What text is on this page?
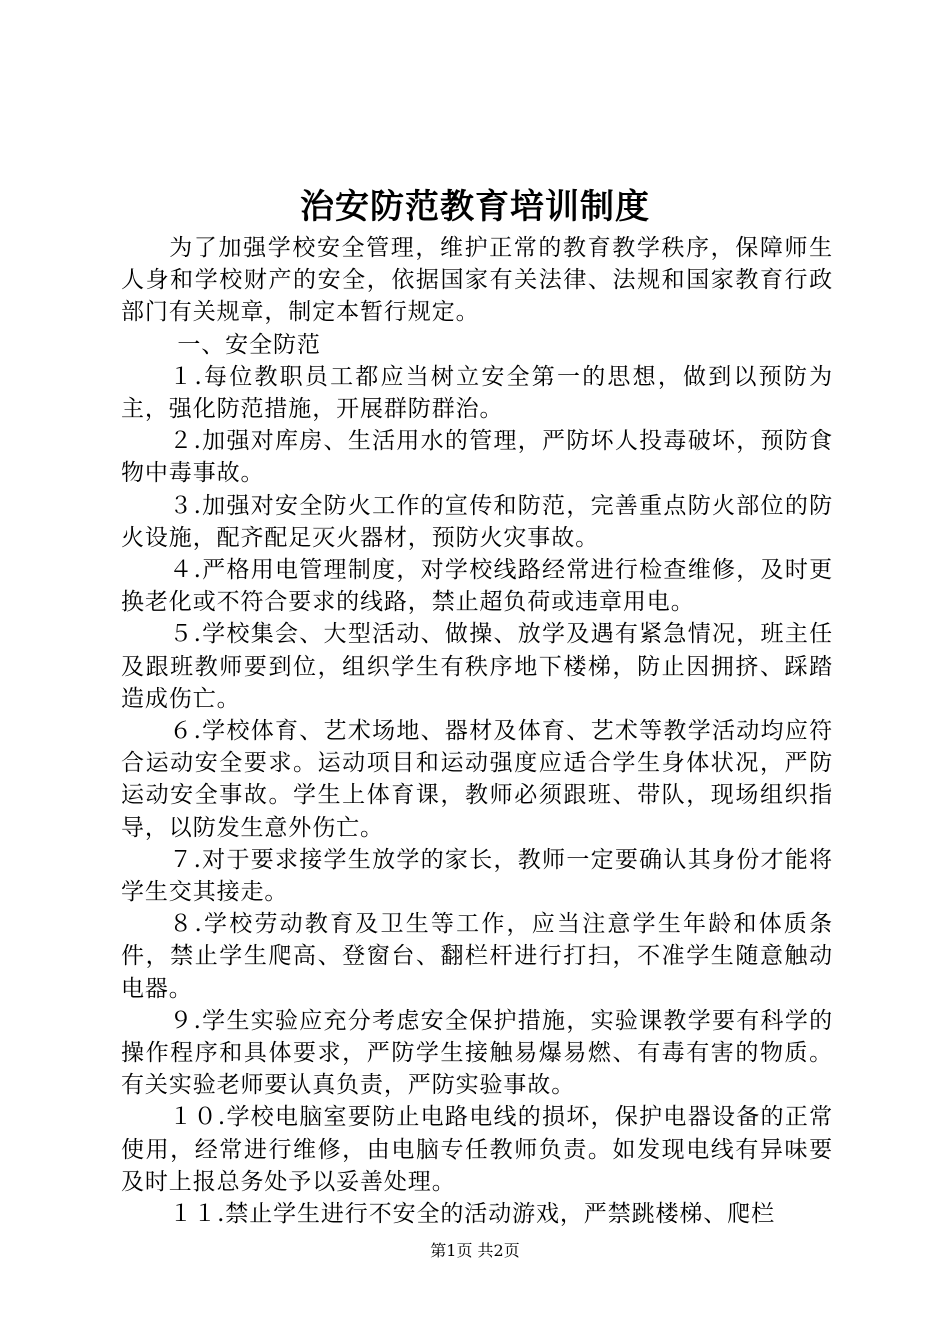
治安防范教育培训制度

为了加强学校安全管理，维护正常的教育教学秩序，保障师生人身和学校财产的安全，依据国家有关法律、法规和国家教育行政部门有关规章，制定本暂行规定。

一、安全防范

１.每位教职员工都应当树立安全第一的思想，做到以预防为主，强化防范措施，开展群防群治。

２.加强对库房、生活用水的管理，严防坏人投毒破坏，预防食物中毒事故。

３.加强对安全防火工作的宣传和防范，完善重点防火部位的防火设施，配齐配足灭火器材，预防火灾事故。

４.严格用电管理制度，对学校线路经常进行检查维修，及时更换老化或不符合要求的线路，禁止超负荷或违章用电。

５.学校集会、大型活动、做操、放学及遇有紧急情况，班主任及跟班教师要到位，组织学生有秩序地下楼梯，防止因拥挤、踩踏造成伤亡。

６.学校体育、艺术场地、器材及体育、艺术等教学活动均应符合运动安全要求。运动项目和运动强度应适合学生身体状况，严防运动安全事故。学生上体育课，教师必须跟班、带队，现场组织指导，以防发生意外伤亡。

７.对于要求接学生放学的家长，教师一定要确认其身份才能将学生交其接走。

８.学校劳动教育及卫生等工作，应当注意学生年龄和体质条件，禁止学生爬高、登窗台、翻栏杆进行打扫，不准学生随意触动电器。

９.学生实验应充分考虑安全保护措施，实验课教学要有科学的操作程序和具体要求，严防学生接触易爆易燃、有毒有害的物质。有关实验老师要认真负责，严防实验事故。

１０.学校电脑室要防止电路电线的损坏，保护电器设备的正常使用，经常进行维修，由电脑专任教师负责。如发现电线有异味要及时上报总务处予以妥善处理。

１１.禁止学生进行不安全的活动游戏，严禁跳楼梯、爬栏

第1页 共2页
